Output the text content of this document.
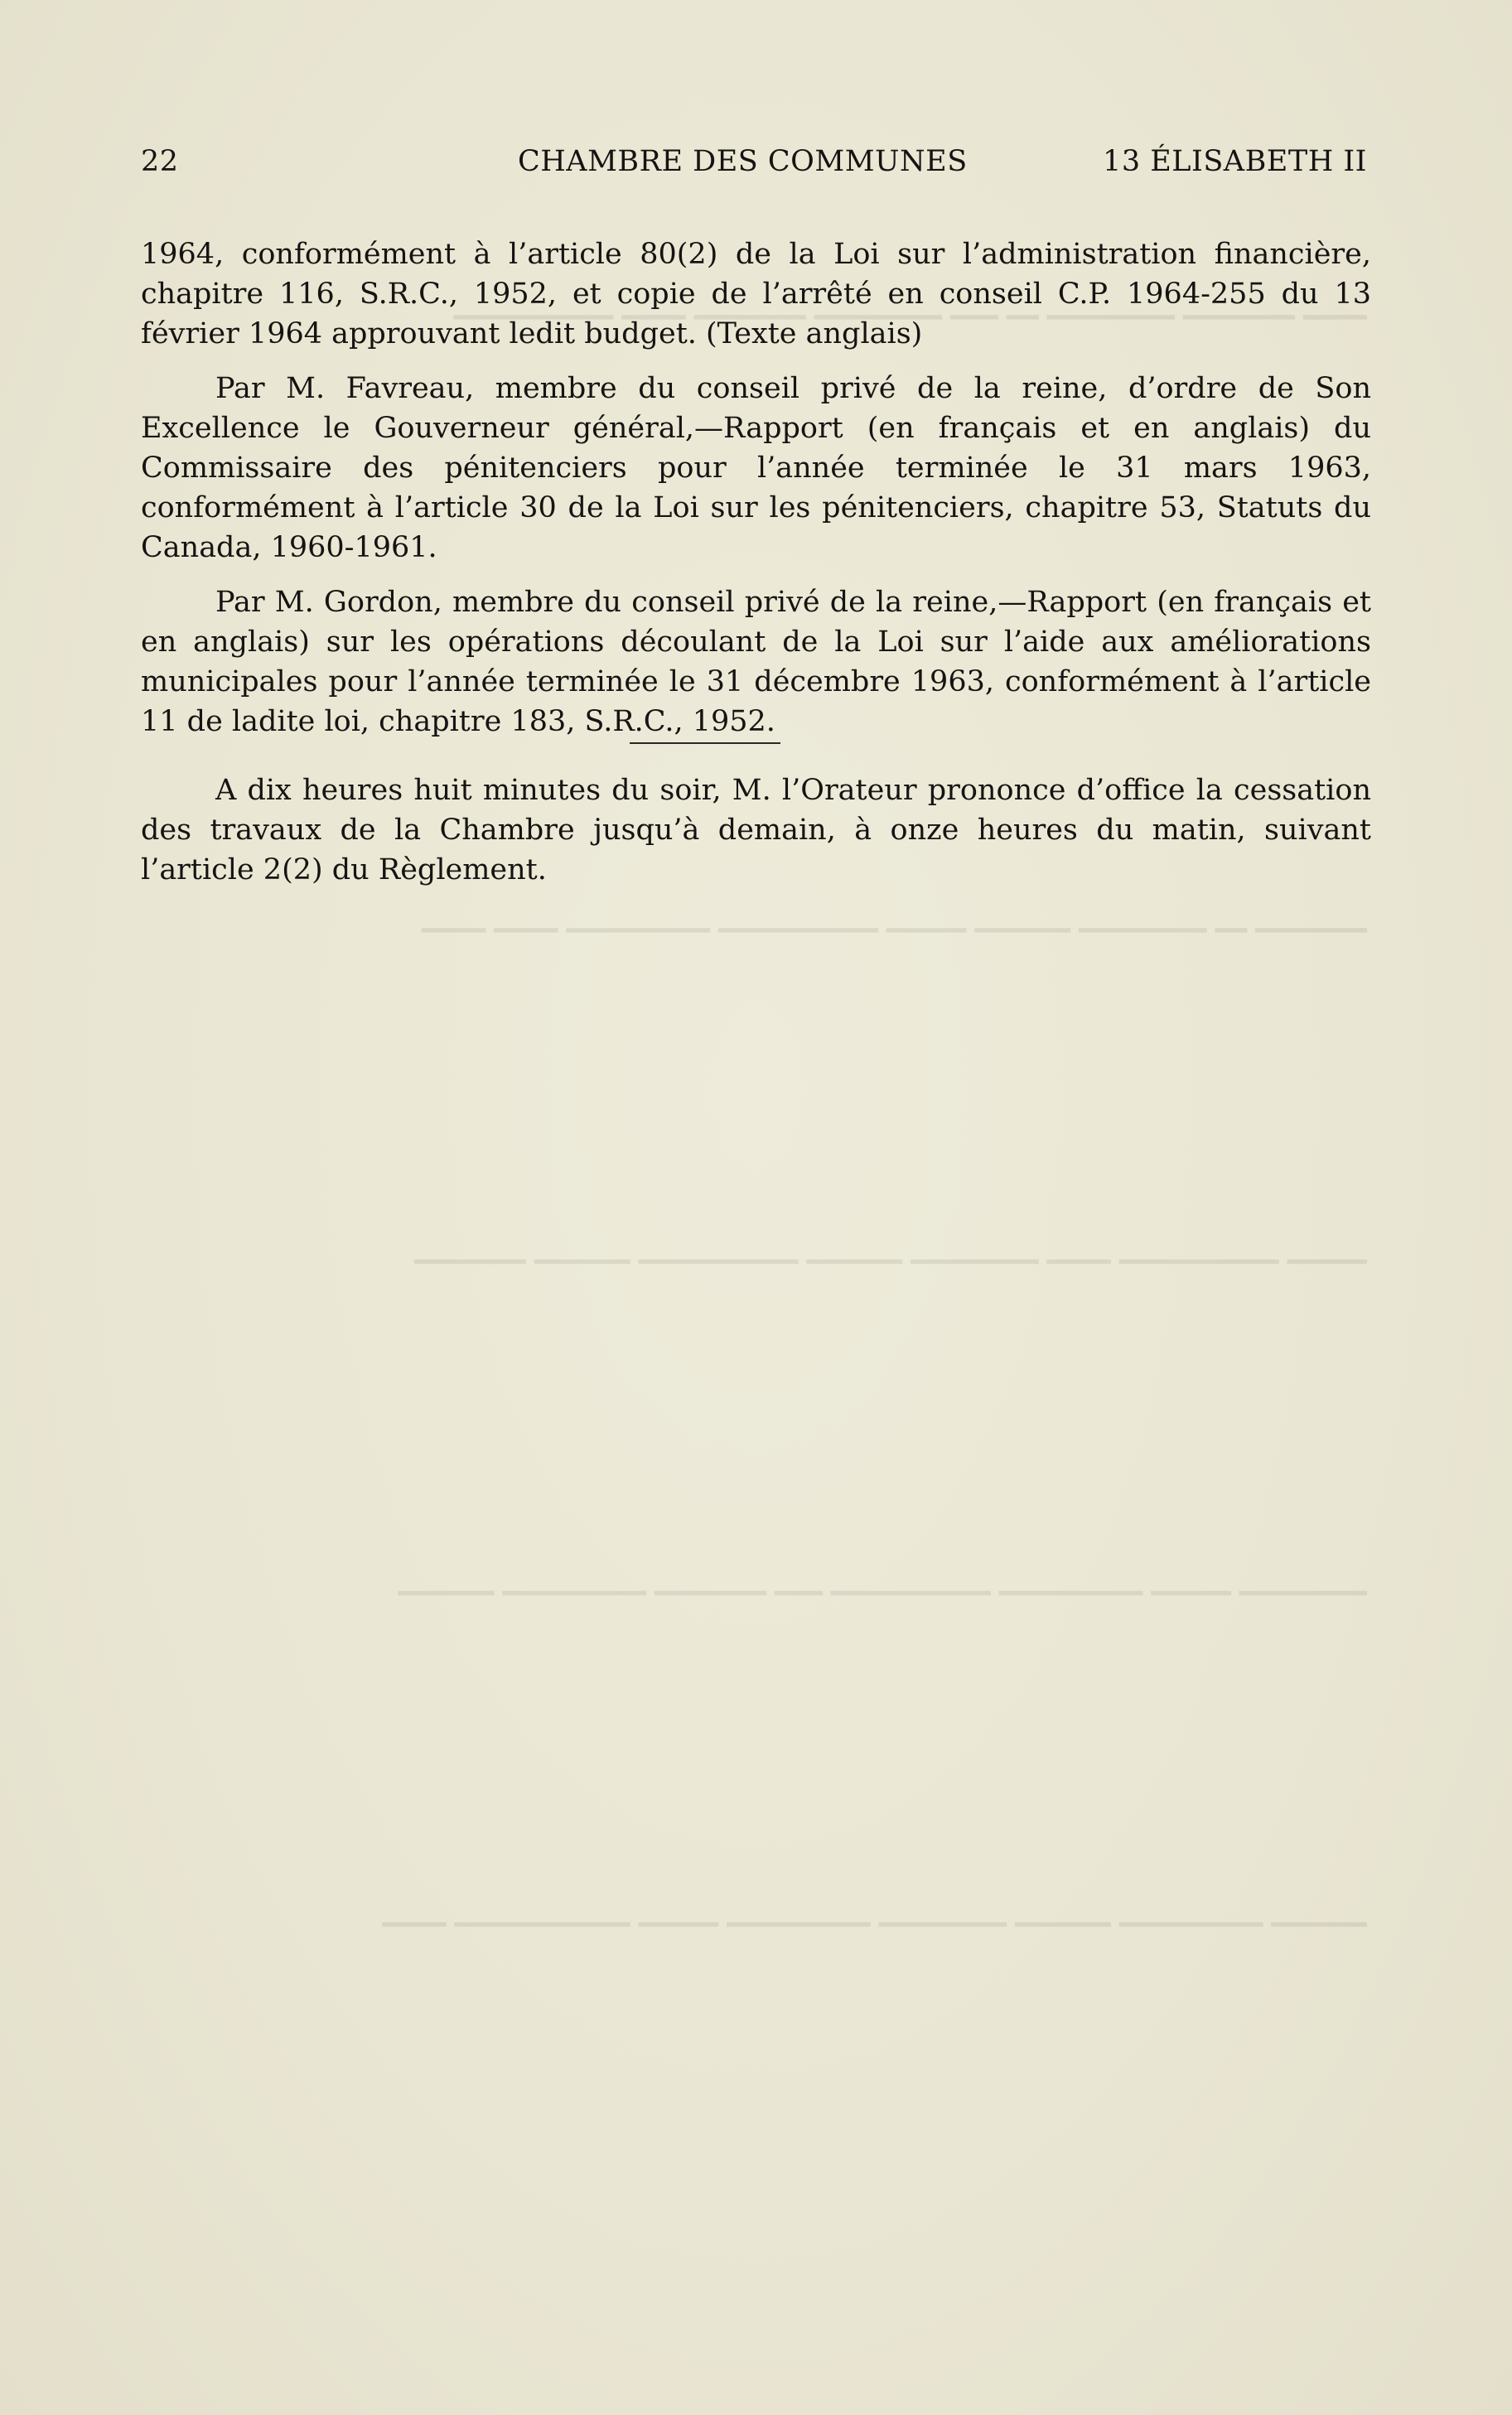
━━━━ ━━━━━━━ ━━━━━━━━ ━━ ━━━ ━━━━━━━━ ━━━━━━━ ━━━━ ━━━━━━━━━━
━━━━━━━ ━━ ━━━━━━━━ ━━━━━━ ━━━━━ ━━━━━━━━━━ ━━━━━━━━━ ━━━━ ━━━━
━━━━━ ━━━━━━━━━━ ━━━━ ━━━━━━━━ ━━━━━━ ━━━━━━━━━━ ━━━━━━ ━━━━━━━
━━━━━━━━ ━━━━━ ━━━━━━━━━ ━━━━━━━━━━ ━━━ ━━━━━━━ ━━━━━━━━━ ━━━━━━
━━━━━━ ━━━━━━━━━ ━━━━━━ ━━━━━━━━ ━━━━━━━━━ ━━━━━ ━━━━━━━━━━━ ━━━━
22	CHAMBRE DES COMMUNES	13 ÉLISABETH II

1964, conformément à l’article 80(2) de la Loi sur l’administration financière, chapitre 116, S.R.C., 1952, et copie de l’arrêté en conseil C.P. 1964-255 du 13 février 1964 approuvant ledit budget. (Texte anglais)

Par M. Favreau, membre du conseil privé de la reine, d’ordre de Son Excellence le Gouverneur général,—Rapport (en français et en anglais) du Commissaire des pénitenciers pour l’année terminée le 31 mars 1963, conformément à l’article 30 de la Loi sur les pénitenciers, chapitre 53, Statuts du Canada, 1960-1961.

Par M. Gordon, membre du conseil privé de la reine,—Rapport (en français et en anglais) sur les opérations découlant de la Loi sur l’aide aux améliorations municipales pour l’année terminée le 31 décembre 1963, conformément à l’article 11 de ladite loi, chapitre 183, S.R.C., 1952.

A dix heures huit minutes du soir, M. l’Orateur prononce d’office la cessation des travaux de la Chambre jusqu’à demain, à onze heures du matin, suivant l’article 2(2) du Règlement.
